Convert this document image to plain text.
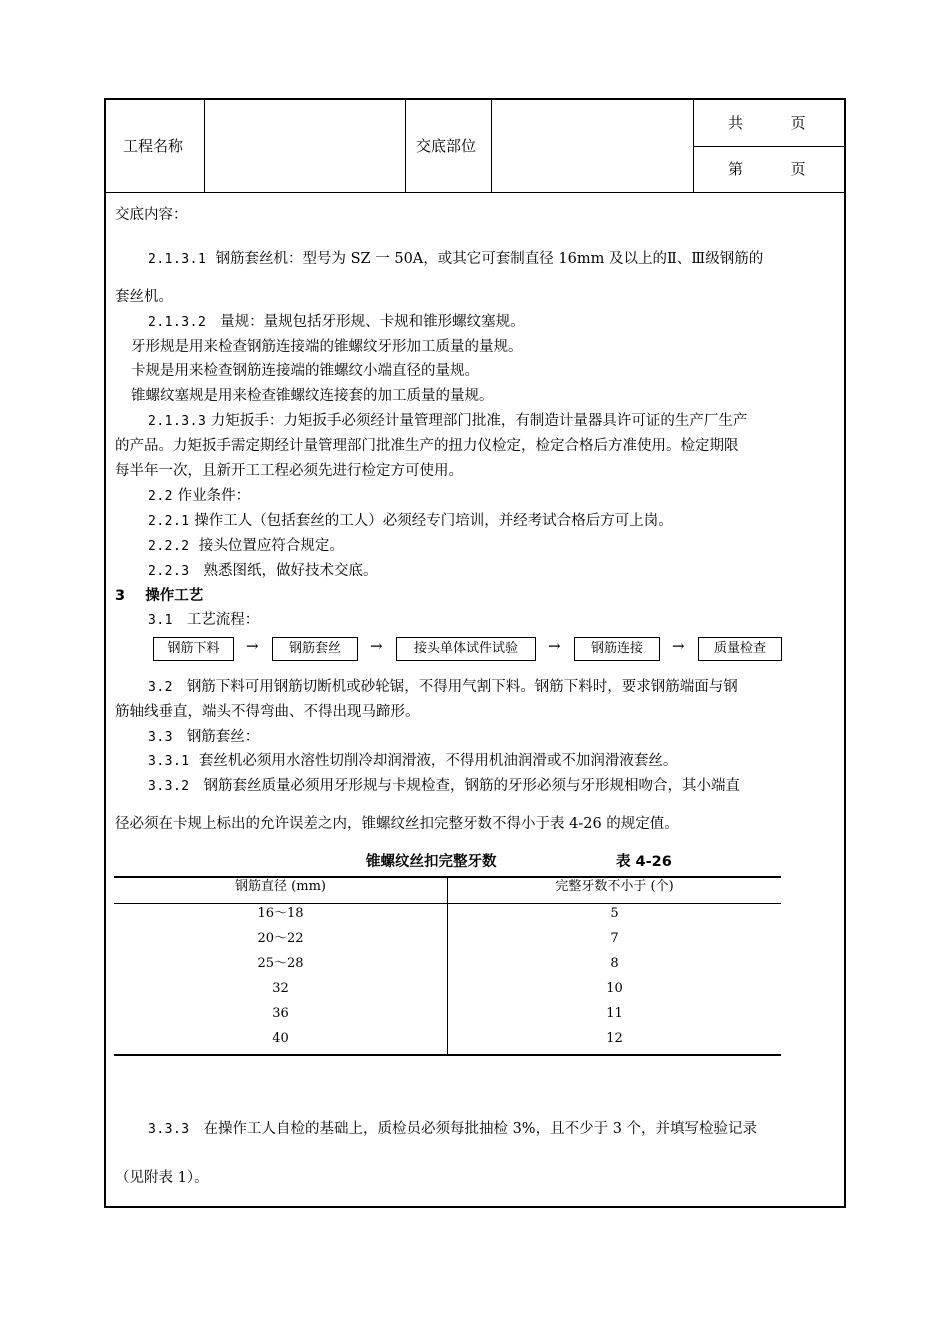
工程名称	交底部位
共          页
第          页
交底内容：
2.1.3.1 钢筋套丝机：型号为 SZ 一 50A，或其它可套制直径 16mm 及以上的Ⅱ、Ⅲ级钢筋的
套丝机。
2.1.3.2 量规：量规包括牙形规、卡规和锥形螺纹塞规。
牙形规是用来检查钢筋连接端的锥螺纹牙形加工质量的量规。
卡规是用来检查钢筋连接端的锥螺纹小端直径的量规。
锥螺纹塞规是用来检查锥螺纹连接套的加工质量的量规。
2.1.3.3 力矩扳手：力矩扳手必须经计量管理部门批准，有制造计量器具许可证的生产厂生产
的产品。力矩扳手需定期经计量管理部门批准生产的扭力仪检定，检定合格后方准使用。检定期限
每半年一次，且新开工工程必须先进行检定方可使用。
2.2 作业条件：
2.2.1 操作工人（包括套丝的工人）必须经专门培训，并经考试合格后方可上岗。
2.2.2 接头位置应符合规定。
2.2.3 熟悉图纸，做好技术交底。
3    操作工艺
3.1 工艺流程：
钢筋下料	→	钢筋套丝	→	接头单体试件试验	→	钢筋连接	→	质量检查
3.2 钢筋下料可用钢筋切断机或砂轮锯，不得用气割下料。钢筋下料时，要求钢筋端面与钢
筋轴线垂直，端头不得弯曲、不得出现马蹄形。
3.3 钢筋套丝：
3.3.1 套丝机必须用水溶性切削冷却润滑液，不得用机油润滑或不加润滑液套丝。
3.3.2 钢筋套丝质量必须用牙形规与卡规检查，钢筋的牙形必须与牙形规相吻合，其小端直
径必须在卡规上标出的允许误差之内，锥螺纹丝扣完整牙数不得小于表 4-26 的规定值。
锥螺纹丝扣完整牙数	表 4-26
钢筋直径 (mm)	完整牙数不小于 (个)
16～18	5
20～22	7
25～28	8
32	10
36	11
40	12
3.3.3 在操作工人自检的基础上，质检员必须每批抽检 3%，且不少于 3 个，并填写检验记录
（见附表 1）。
